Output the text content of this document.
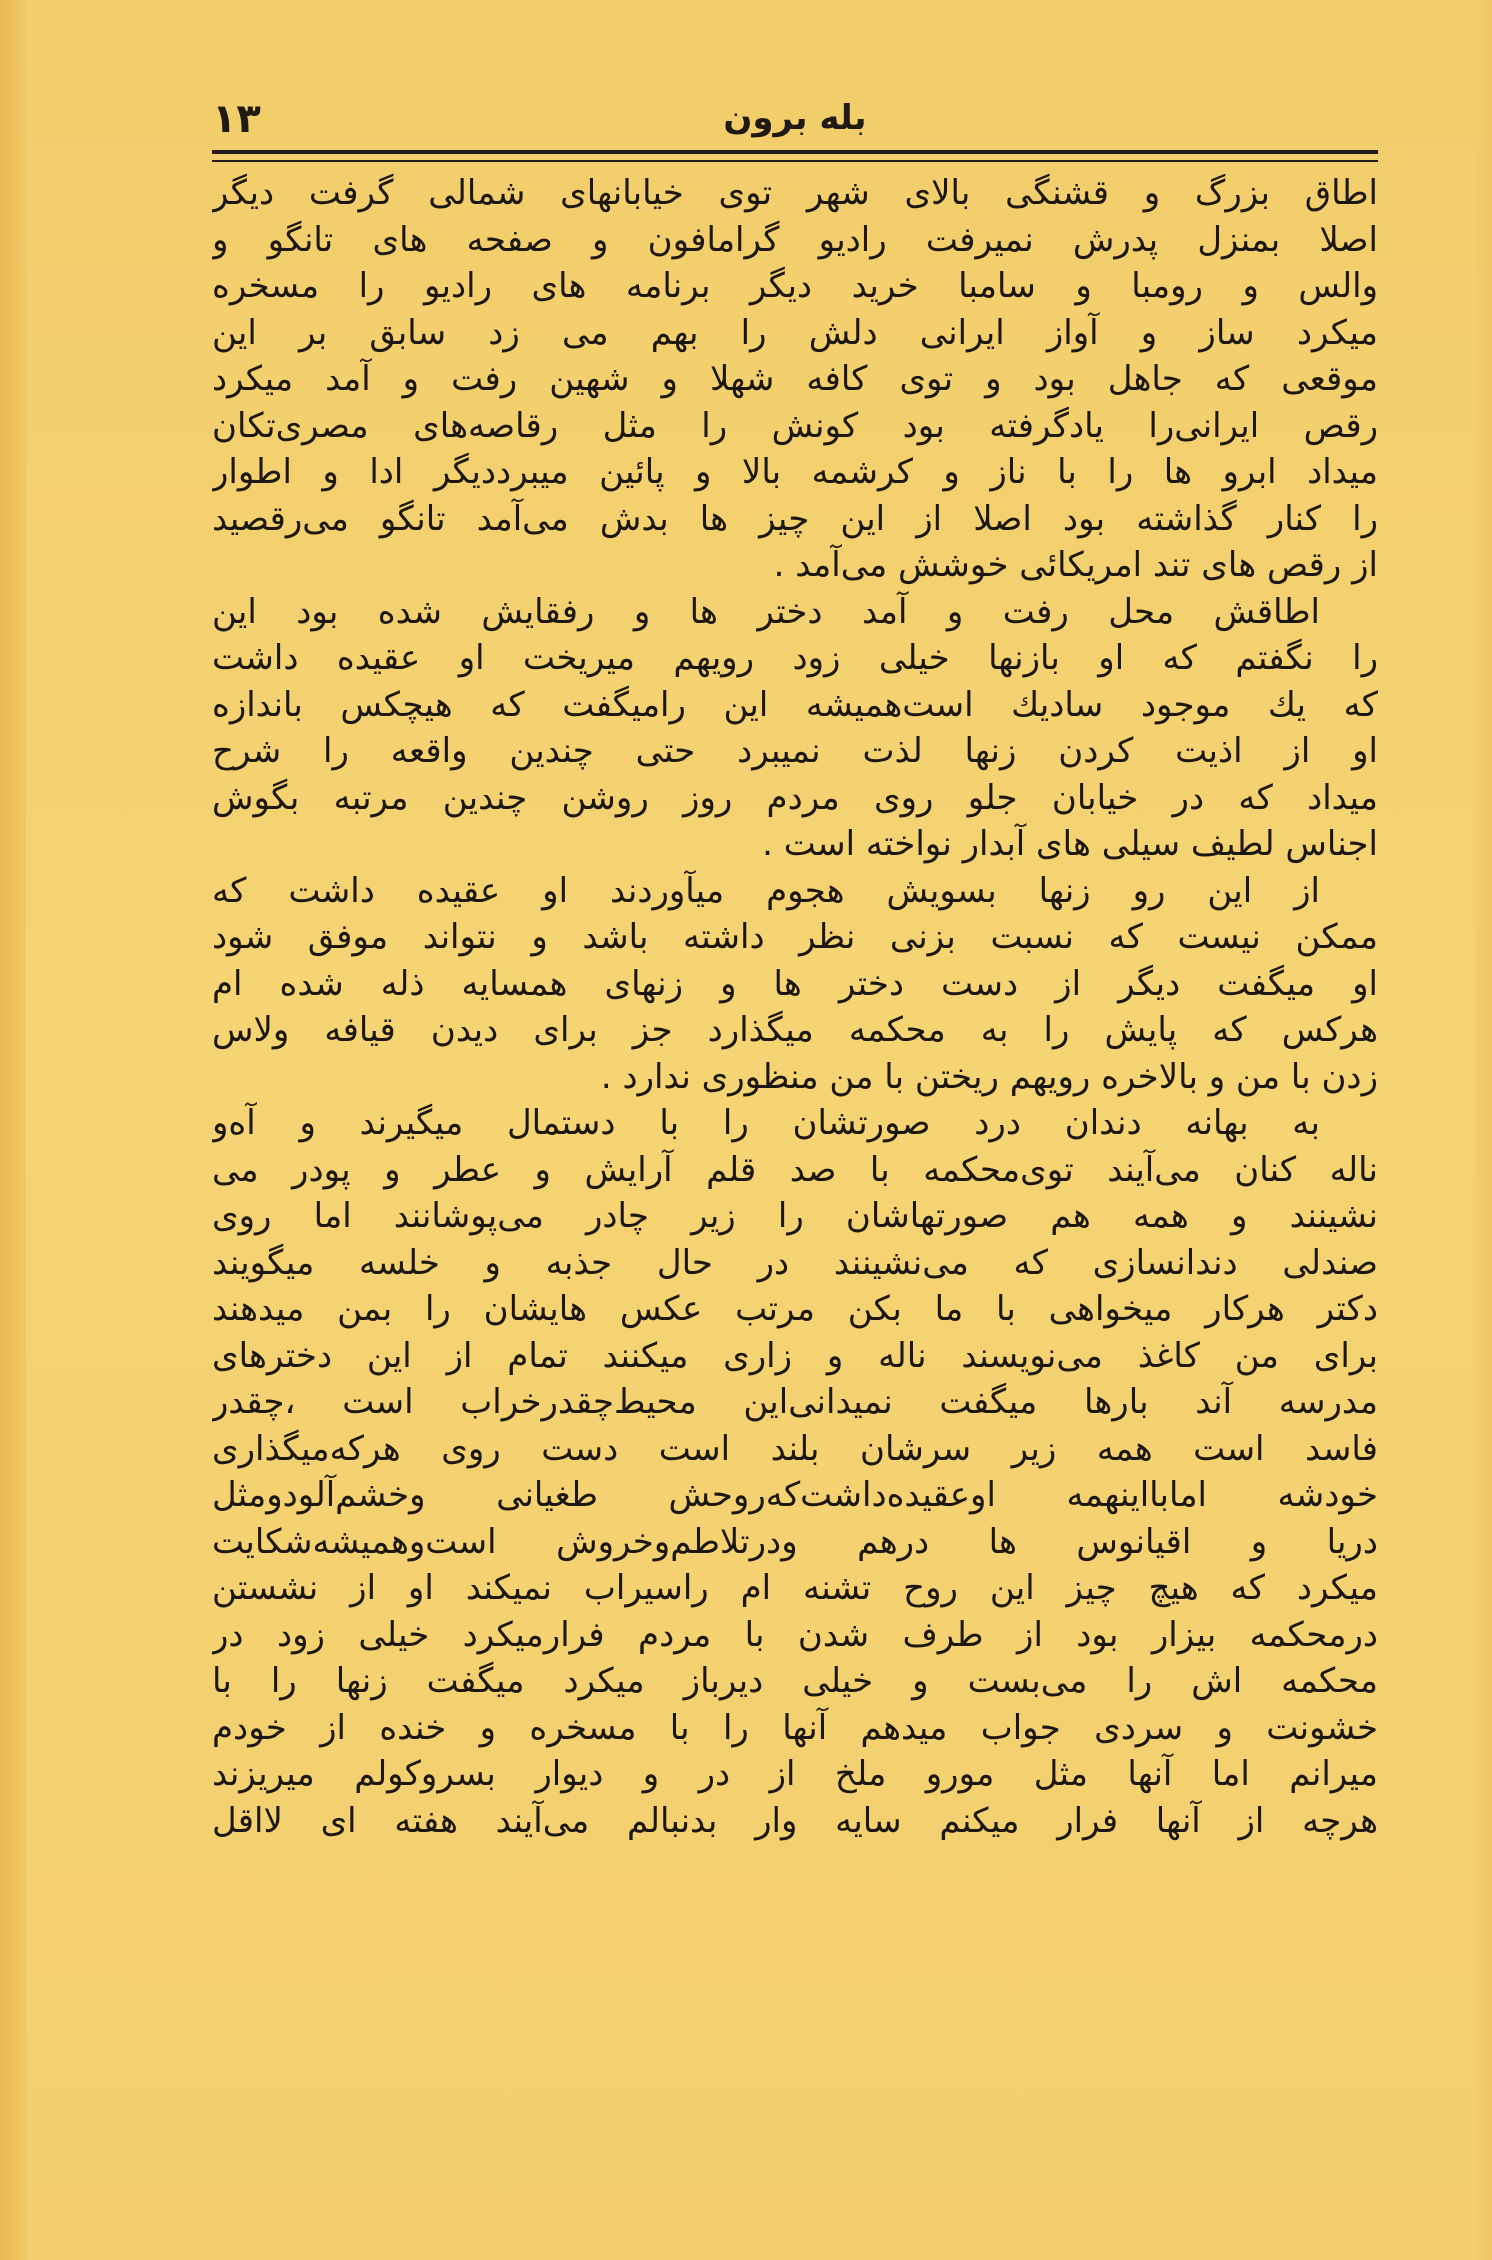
۱۳	بله برون
اطاق بزرگ و قشنگی بالای شهر توی خیابانهای شمالی گرفت دیگر
اصلا بمنزل پدرش نمیرفت رادیو گرامافون و صفحه های تانگو و
والس و رومبا و سامبا خرید دیگر برنامه های رادیو را مسخره
میکرد ساز و آواز ایرانی دلش را بهم می زد سابق بر این
موقعی که جاهل بود و توی کافه شهلا و شهین رفت و آمد میکرد
رقص ایرانی‌را یادگرفته بود کونش را مثل رقاصه‌های مصری‌تکان
میداد ابرو ها را با ناز و کرشمه بالا و پائین میبرددیگر ادا و اطوار
را کنار گذاشته بود اصلا از این چیز ها بدش می‌آمد تانگو می‌رقصید
از رقص های تند امریکائی خوشش می‌آمد .
اطاقش محل رفت و آمد دختر ها و رفقایش شده بود این
را نگفتم که او بازنها خیلی زود رویهم میریخت او عقیده داشت
که یك موجود سادیك است‌همیشه این رامیگفت که هیچکس باندازه
او از اذیت کردن زنها لذت نمیبرد حتی چندین واقعه را شرح
میداد که در خیابان جلو روی مردم روز روشن چندین مرتبه بگوش
اجناس لطیف سیلی های آبدار نواخته است .
از این رو زنها بسویش هجوم میآوردند او عقیده داشت که
ممکن نیست که نسبت بزنی نظر داشته باشد و نتواند موفق شود
او میگفت دیگر از دست دختر ها و زنهای همسایه ذله شده ام
هرکس که پایش را به محکمه میگذارد جز برای دیدن قیافه ولاس
زدن با من و بالاخره رویهم ریختن با من منظوری ندارد .
به بهانه دندان درد صورتشان را با دستمال میگیرند و آه‌و
ناله کنان می‌آیند توی‌محکمه با صد قلم آرایش و عطر و پودر می
نشینند و همه هم صورتهاشان را زیر چادر می‌پوشانند اما روی
صندلی دندانسازی که می‌نشینند در حال جذبه و خلسه میگویند
دکتر هرکار میخواهی با ما بکن مرتب عکس هایشان را بمن میدهند
برای من کاغذ می‌نویسند ناله و زاری میکنند تمام از این دخترهای
مدرسه آند بارها میگفت نمیدانی‌این محیط‌چقدرخراب است ،چقدر
فاسد است همه زیر سرشان بلند است دست روی هرکه‌میگذاری
خودشه امابااینهمه اوعقیده‌داشت‌که‌روحش طغیانی وخشم‌آلودومثل
دریا و اقیانوس ها درهم ودرتلاطم‌وخروش است‌وهمیشه‌شکایت
میکرد که هیچ چیز این روح تشنه ام راسیراب نمیکند او از نشستن
درمحکمه بیزار بود از طرف شدن با مردم فرارمیکرد خیلی زود در
محکمه اش را می‌بست و خیلی دیرباز میکرد میگفت زنها را با
خشونت و سردی جواب میدهم آنها را با مسخره و خنده از خودم
میرانم اما آنها مثل مورو ملخ از در و دیوار بسروکولم میریزند
هرچه از آنها فرار میکنم سایه وار بدنبالم می‌آیند هفته ای لااقل
